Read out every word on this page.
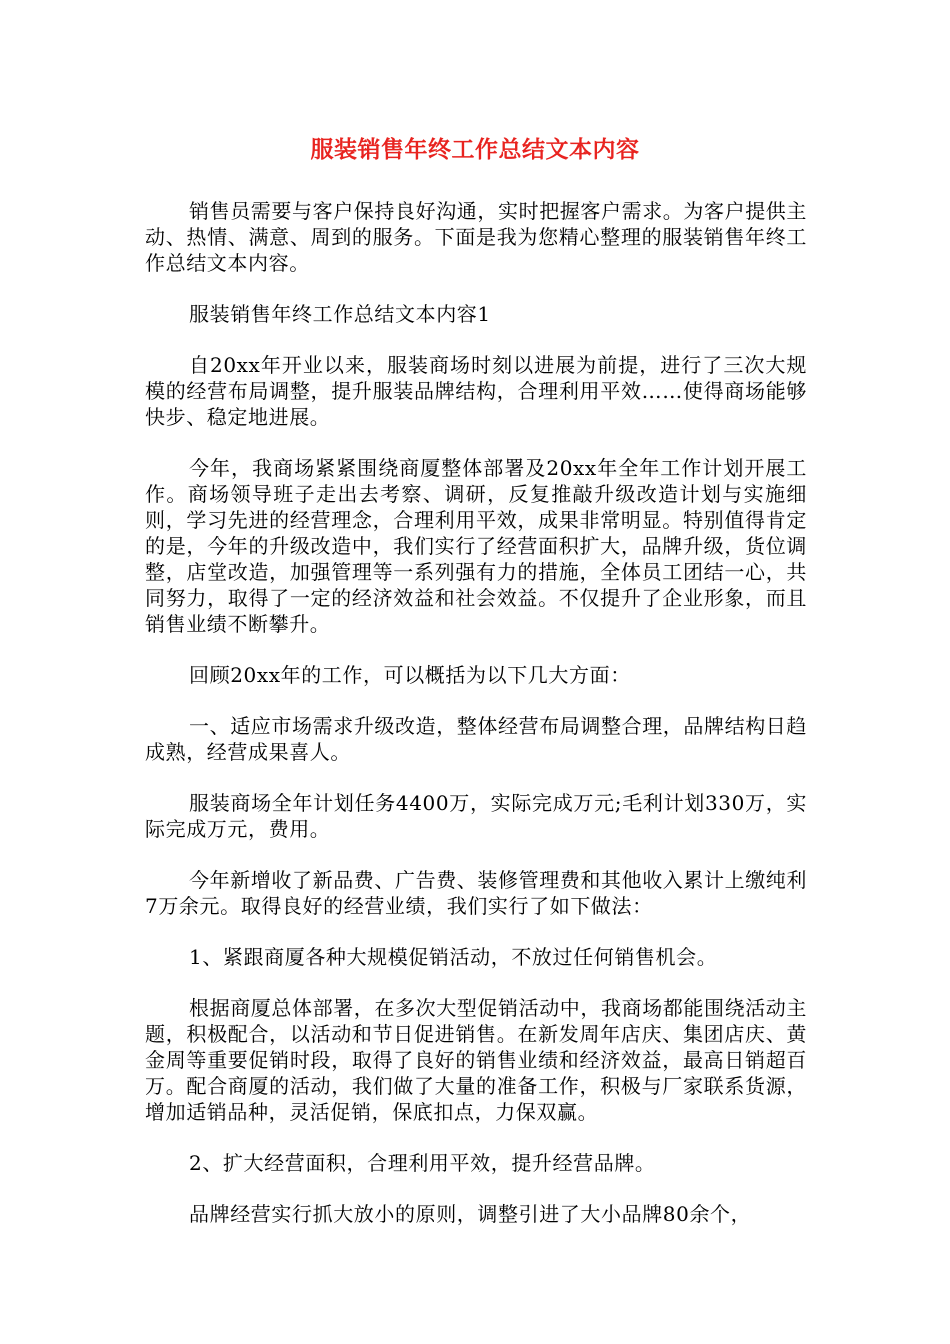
服装销售年终工作总结文本内容

销售员需要与客户保持良好沟通，实时把握客户需求。为客户提供主动、热情、满意、周到的服务。下面是我为您精心整理的服装销售年终工作总结文本内容。

服装销售年终工作总结文本内容1

自20xx年开业以来，服装商场时刻以进展为前提，进行了三次大规模的经营布局调整，提升服装品牌结构，合理利用平效……使得商场能够快步、稳定地进展。

今年，我商场紧紧围绕商厦整体部署及20xx年全年工作计划开展工作。商场领导班子走出去考察、调研，反复推敲升级改造计划与实施细则，学习先进的经营理念，合理利用平效，成果非常明显。特别值得肯定的是，今年的升级改造中，我们实行了经营面积扩大，品牌升级，货位调整，店堂改造，加强管理等一系列强有力的措施，全体员工团结一心，共同努力，取得了一定的经济效益和社会效益。不仅提升了企业形象，而且销售业绩不断攀升。

回顾20xx年的工作，可以概括为以下几大方面：

一、适应市场需求升级改造，整体经营布局调整合理，品牌结构日趋成熟，经营成果喜人。

服装商场全年计划任务4400万，实际完成万元;毛利计划330万，实际完成万元，费用。

今年新增收了新品费、广告费、装修管理费和其他收入累计上缴纯利7万余元。取得良好的经营业绩，我们实行了如下做法：

1、紧跟商厦各种大规模促销活动，不放过任何销售机会。

根据商厦总体部署，在多次大型促销活动中，我商场都能围绕活动主题，积极配合，以活动和节日促进销售。在新发周年店庆、集团店庆、黄金周等重要促销时段，取得了良好的销售业绩和经济效益，最高日销超百万。配合商厦的活动，我们做了大量的准备工作，积极与厂家联系货源，增加适销品种，灵活促销，保底扣点，力保双赢。

2、扩大经营面积，合理利用平效，提升经营品牌。

品牌经营实行抓大放小的原则，调整引进了大小品牌80余个，
